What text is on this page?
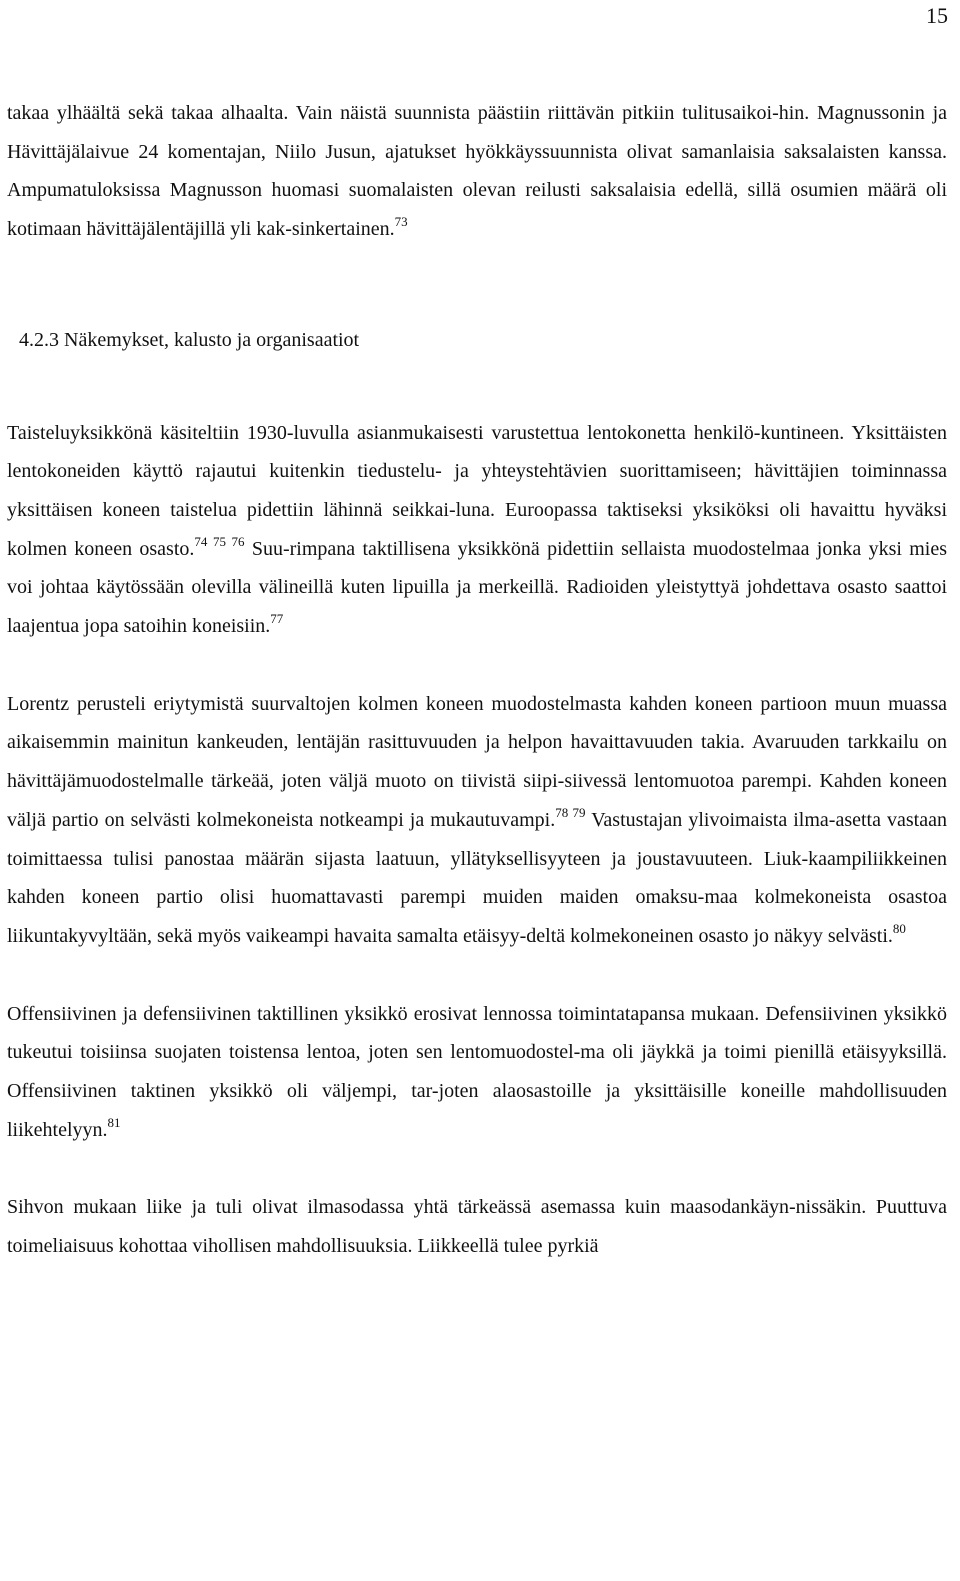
15

takaa ylhäältä sekä takaa alhaalta. Vain näistä suunnista päästiin riittävän pitkiin tulitusaikoi-hin. Magnussonin ja Hävittäjälaivue 24 komentajan, Niilo Jusun, ajatukset hyökkäyssuunnista olivat samanlaisia saksalaisten kanssa. Ampumatuloksissa Magnusson huomasi suomalaisten olevan reilusti saksalaisia edellä, sillä osumien määrä oli kotimaan hävittäjälentäjillä yli kak-sinkertainen.$^{73}$

4.2.3 Näkemykset, kalusto ja organisaatiot

Taisteluyksikkönä käsiteltiin 1930-luvulla asianmukaisesti varustettua lentokonetta henkilö-kuntineen. Yksittäisten lentokoneiden käyttö rajautui kuitenkin tiedustelu- ja yhteystehtävien suorittamiseen; hävittäjien toiminnassa yksittäisen koneen taistelua pidettiin lähinnä seikkai-luna. Euroopassa taktiseksi yksiköksi oli havaittu hyväksi kolmen koneen osasto.$^{74 75 76}$ Suu-rimpana taktillisena yksikkönä pidettiin sellaista muodostelmaa jonka yksi mies voi johtaa käytössään olevilla välineillä kuten lipuilla ja merkeillä. Radioiden yleistyttyä johdettava osasto saattoi laajentua jopa satoihin koneisiin.$^{77}$

Lorentz perusteli eriytymistä suurvaltojen kolmen koneen muodostelmasta kahden koneen partioon muun muassa aikaisemmin mainitun kankeuden, lentäjän rasittuvuuden ja helpon havaittavuuden takia. Avaruuden tarkkailu on hävittäjämuodostelmalle tärkeää, joten väljä muoto on tiivistä siipi-siivessä lentomuotoa parempi. Kahden koneen väljä partio on selvästi kolmekoneista notkeampi ja mukautuvampi.$^{78 79}$ Vastustajan ylivoimaista ilma-asetta vastaan toimittaessa tulisi panostaa määrän sijasta laatuun, yllätyksellisyyteen ja joustavuuteen. Liuk-kaampiliikkeinen kahden koneen partio olisi huomattavasti parempi muiden maiden omaksu-maa kolmekoneista osastoa liikuntakyvyltään, sekä myös vaikeampi havaita samalta etäisyy-deltä kolmekoneinen osasto jo näkyy selvästi.$^{80}$

Offensiivinen ja defensiivinen taktillinen yksikkö erosivat lennossa toimintatapansa mukaan. Defensiivinen yksikkö tukeutui toisiinsa suojaten toistensa lentoa, joten sen lentomuodostel-ma oli jäykkä ja toimi pienillä etäisyyksillä. Offensiivinen taktinen yksikkö oli väljempi, tar-joten alaosastoille ja yksittäisille koneille mahdollisuuden liikehtelyyn.$^{81}$

Sihvon mukaan liike ja tuli olivat ilmasodassa yhtä tärkeässä asemassa kuin maasodankäyn-nissäkin. Puuttuva toimeliaisuus kohottaa vihollisen mahdollisuuksia. Liikkeellä tulee pyrkiä
